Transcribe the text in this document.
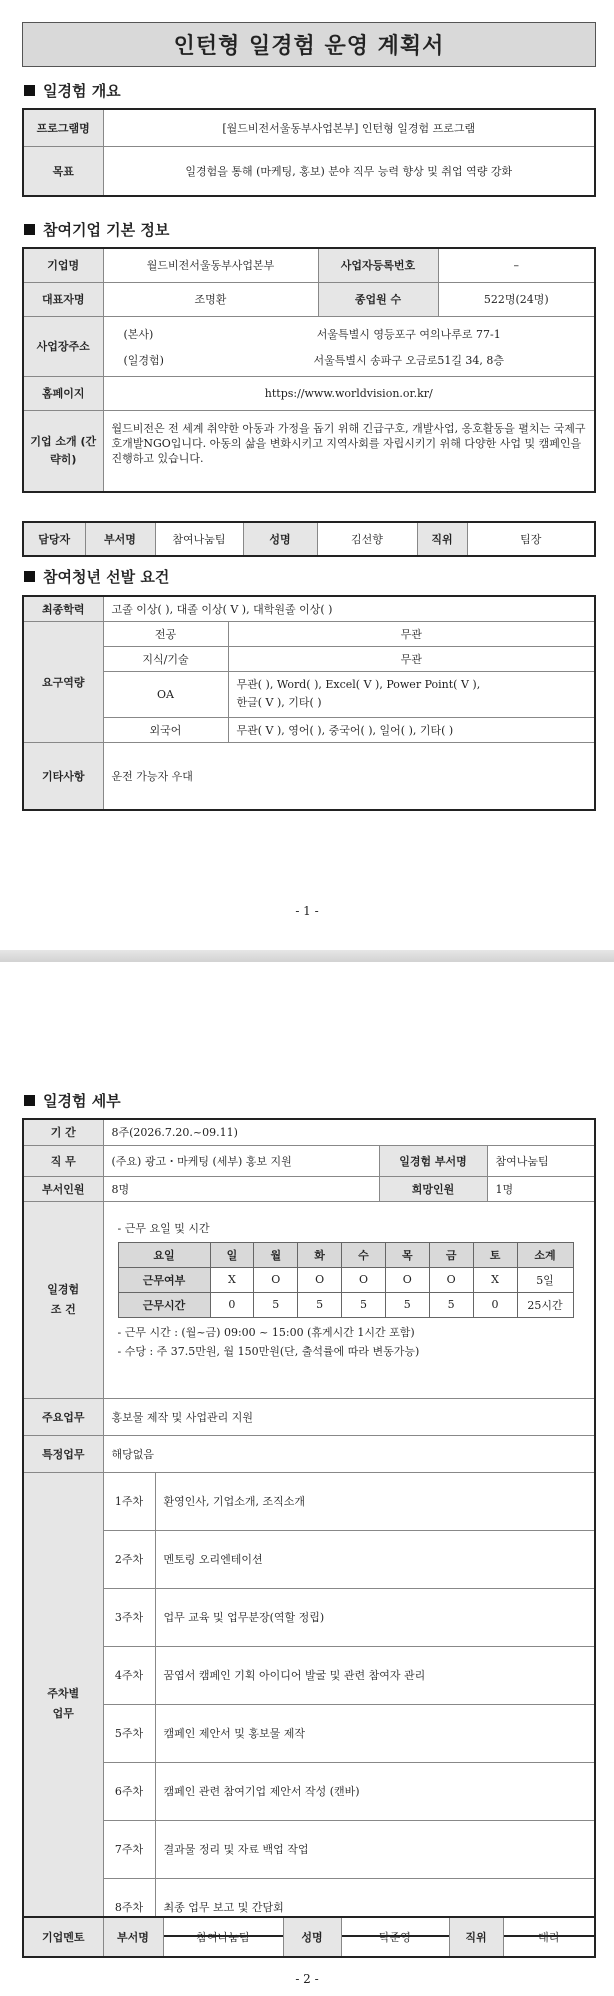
인턴형 일경험 운영 계획서
일경험 개요
프로그램명	[월드비전서울동부사업본부] 인턴형 일경험 프로그램
목표	일경험을 통해 (마케팅, 홍보) 분야 직무 능력 향상 및 취업 역량 강화
참여기업 기본 정보
기업명	월드비전서울동부사업본부	사업자등록번호	–
대표자명	조명환	종업원 수	522명(24명)
사업장주소	(본사) 서울특별시 영등포구 여의나루로 77-1
(일경험) 서울특별시 송파구 오금로51길 34, 8층		

홈페이지	https://www.worldvision.or.kr/		
기업 소개 (간략히)	월드비전은 전 세계 취약한 아동과 가정을 돕기 위해 긴급구호, 개발사업, 옹호활동을 펼치는 국제구호개발NGO입니다. 아동의 삶을 변화시키고 지역사회를 자립시키기 위해 다양한 사업 및 캠페인을 진행하고 있습니다.		
담당자	부서명	참여나눔팀	성명	김선향	직위	팀장
참여청년 선발 요건
최종학력	고졸 이상( ), 대졸 이상( V ), 대학원졸 이상( )	
요구역량	전공	무관
	지식/기술	무관
	OA	무관( ), Word( ), Excel( V ), Power Point( V ),
한글( V ), 기타( )

	외국어	무관( V ), 영어( ), 중국어( ), 일어( ), 기타( )
기타사항	운전 가능자 우대	
- 1 -
일경험 세부
기 간	8주(2026.7.20.~09.11)
직 무	(주요) 광고・마케팅 (세부) 홍보 지원	일경험 부서명	참여나눔팀
부서인원	8명	희망인원	1명

일경험
조 건

- 근무 요일 및 시간
요일	일	월	화	수	목	금	토	소계
근무여부	X	O	O	O	O	O	X	5일
근무시간	0	5	5	5	5	5	0	25시간
- 근무 시간 : (월~금) 09:00 ~ 15:00 (휴게시간 1시간 포함)
- 수당 : 주 37.5만원, 월 150만원(단, 출석률에 따라 변동가능)

주요업무	홍보물 제작 및 사업관리 지원
특정업무	해당없음

주차별
업무
	1주차	환영인사, 기업소개, 조직소개
2주차	멘토링 오리엔테이션
3주차	업무 교육 및 업무분장(역할 정립)
4주차	꿈엽서 캠페인 기획 아이디어 발굴 및 관련 참여자 관리
5주차	캠페인 제안서 및 홍보물 제작
6주차	캠페인 관련 참여기업 제안서 작성 (캔바)
7주차	결과물 정리 및 자료 백업 작업
8주차	최종 업무 보고 및 간담회
기업멘토	부서명	참여나눔팀	성명	탁준영	직위	대리
- 2 -
